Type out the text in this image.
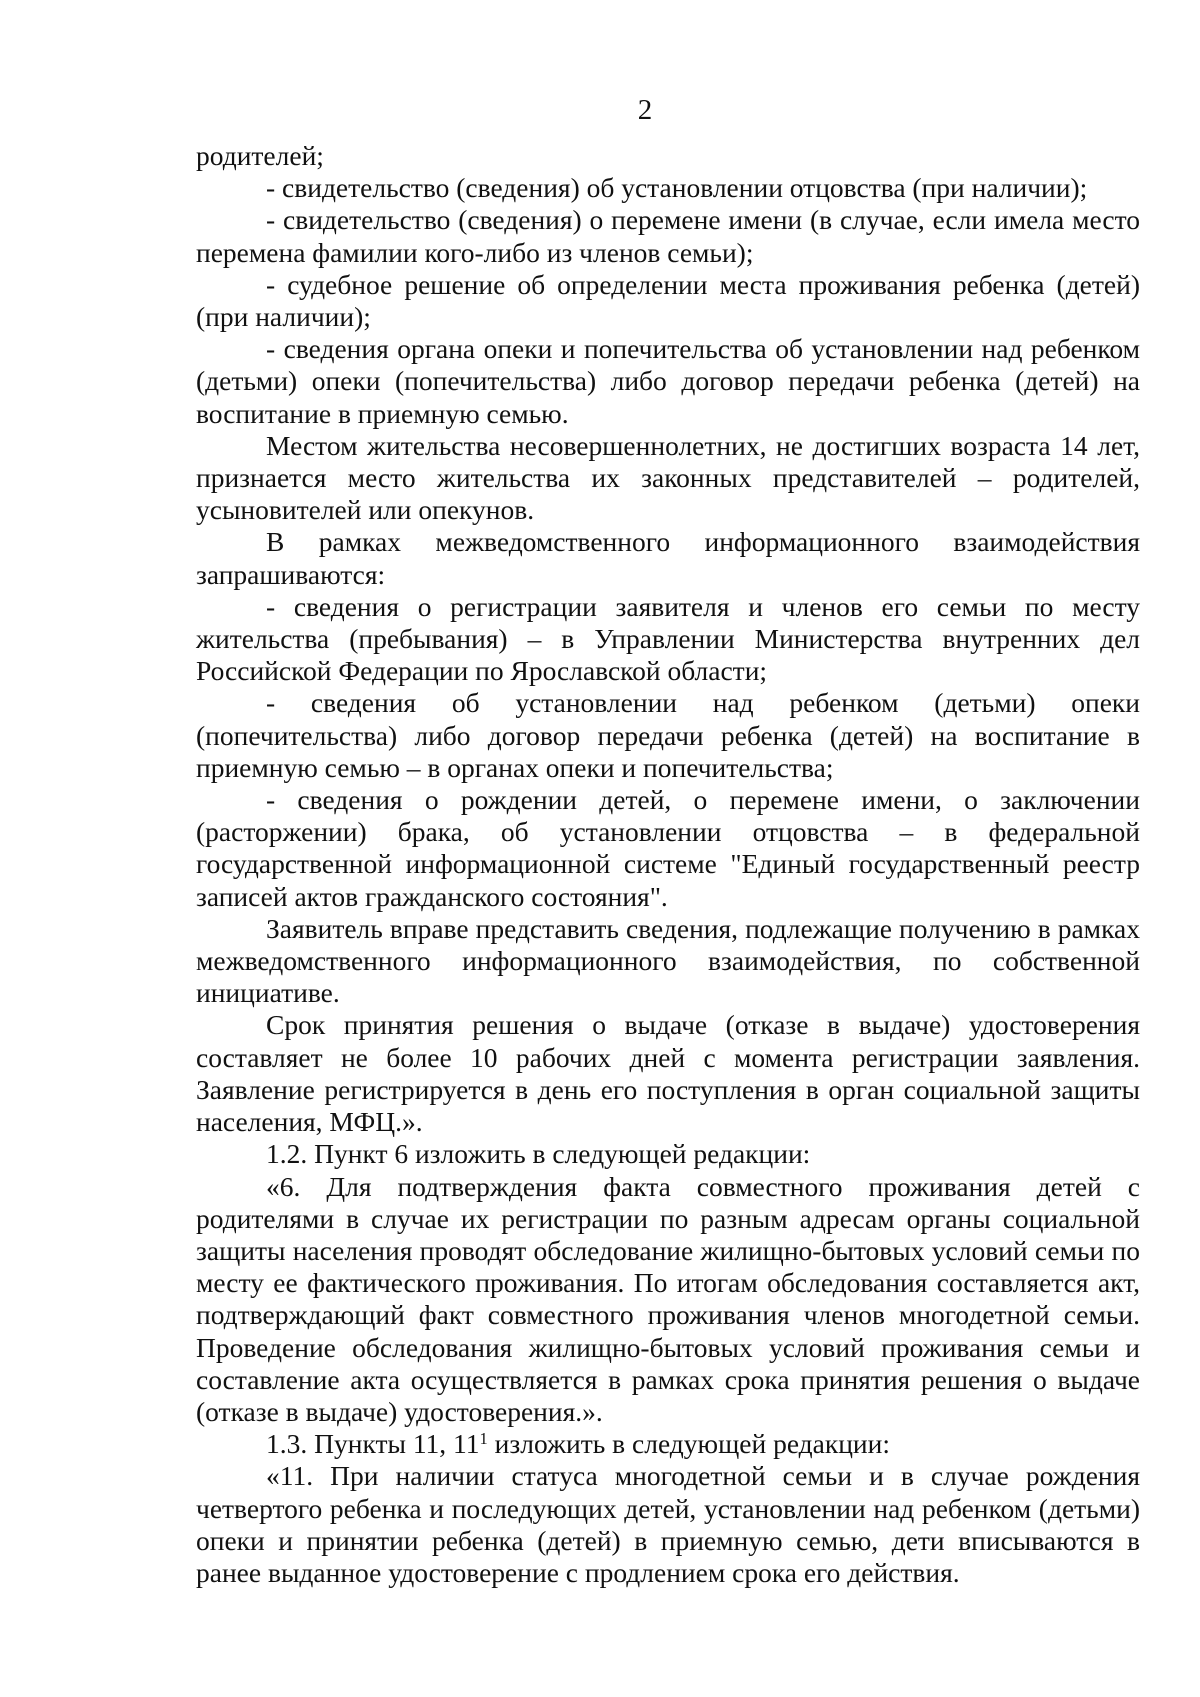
2

родителей;

- свидетельство (сведения) об установлении отцовства (при наличии);

- свидетельство (сведения) о перемене имени (в случае, если имела место перемена фамилии кого-либо из членов семьи);

- судебное решение об определении места проживания ребенка (детей) (при наличии);

- сведения органа опеки и попечительства об установлении над ребенком (детьми) опеки (попечительства) либо договор передачи ребенка (детей) на воспитание в приемную семью.

Местом жительства несовершеннолетних, не достигших возраста 14 лет, признается место жительства их законных представителей – родителей, усыновителей или опекунов.

В рамках межведомственного информационного взаимодействия запрашиваются:

- сведения о регистрации заявителя и членов его семьи по месту жительства (пребывания) – в Управлении Министерства внутренних дел Российской Федерации по Ярославской области;

- сведения об установлении над ребенком (детьми) опеки (попечительства) либо договор передачи ребенка (детей) на воспитание в приемную семью – в органах опеки и попечительства;

- сведения о рождении детей, о перемене имени, о заключении (расторжении) брака, об установлении отцовства – в федеральной государственной информационной системе "Единый государственный реестр записей актов гражданского состояния".

Заявитель вправе представить сведения, подлежащие получению в рамках межведомственного информационного взаимодействия, по собственной инициативе.

Срок принятия решения о выдаче (отказе в выдаче) удостоверения составляет не более 10 рабочих дней с момента регистрации заявления. Заявление регистрируется в день его поступления в орган социальной защиты населения, МФЦ.».

1.2. Пункт 6 изложить в следующей редакции:

«6. Для подтверждения факта совместного проживания детей с родителями в случае их регистрации по разным адресам органы социальной защиты населения проводят обследование жилищно-бытовых условий семьи по месту ее фактического проживания. По итогам обследования составляется акт, подтверждающий факт совместного проживания членов многодетной семьи. Проведение обследования жилищно-бытовых условий проживания семьи и составление акта осуществляется в рамках срока принятия решения о выдаче (отказе в выдаче) удостоверения.».

1.3. Пункты 11, $11^1$ изложить в следующей редакции:

«11. При наличии статуса многодетной семьи и в случае рождения четвертого ребенка и последующих детей, установлении над ребенком (детьми) опеки и принятии ребенка (детей) в приемную семью, дети вписываются в ранее выданное удостоверение с продлением срока его действия.
